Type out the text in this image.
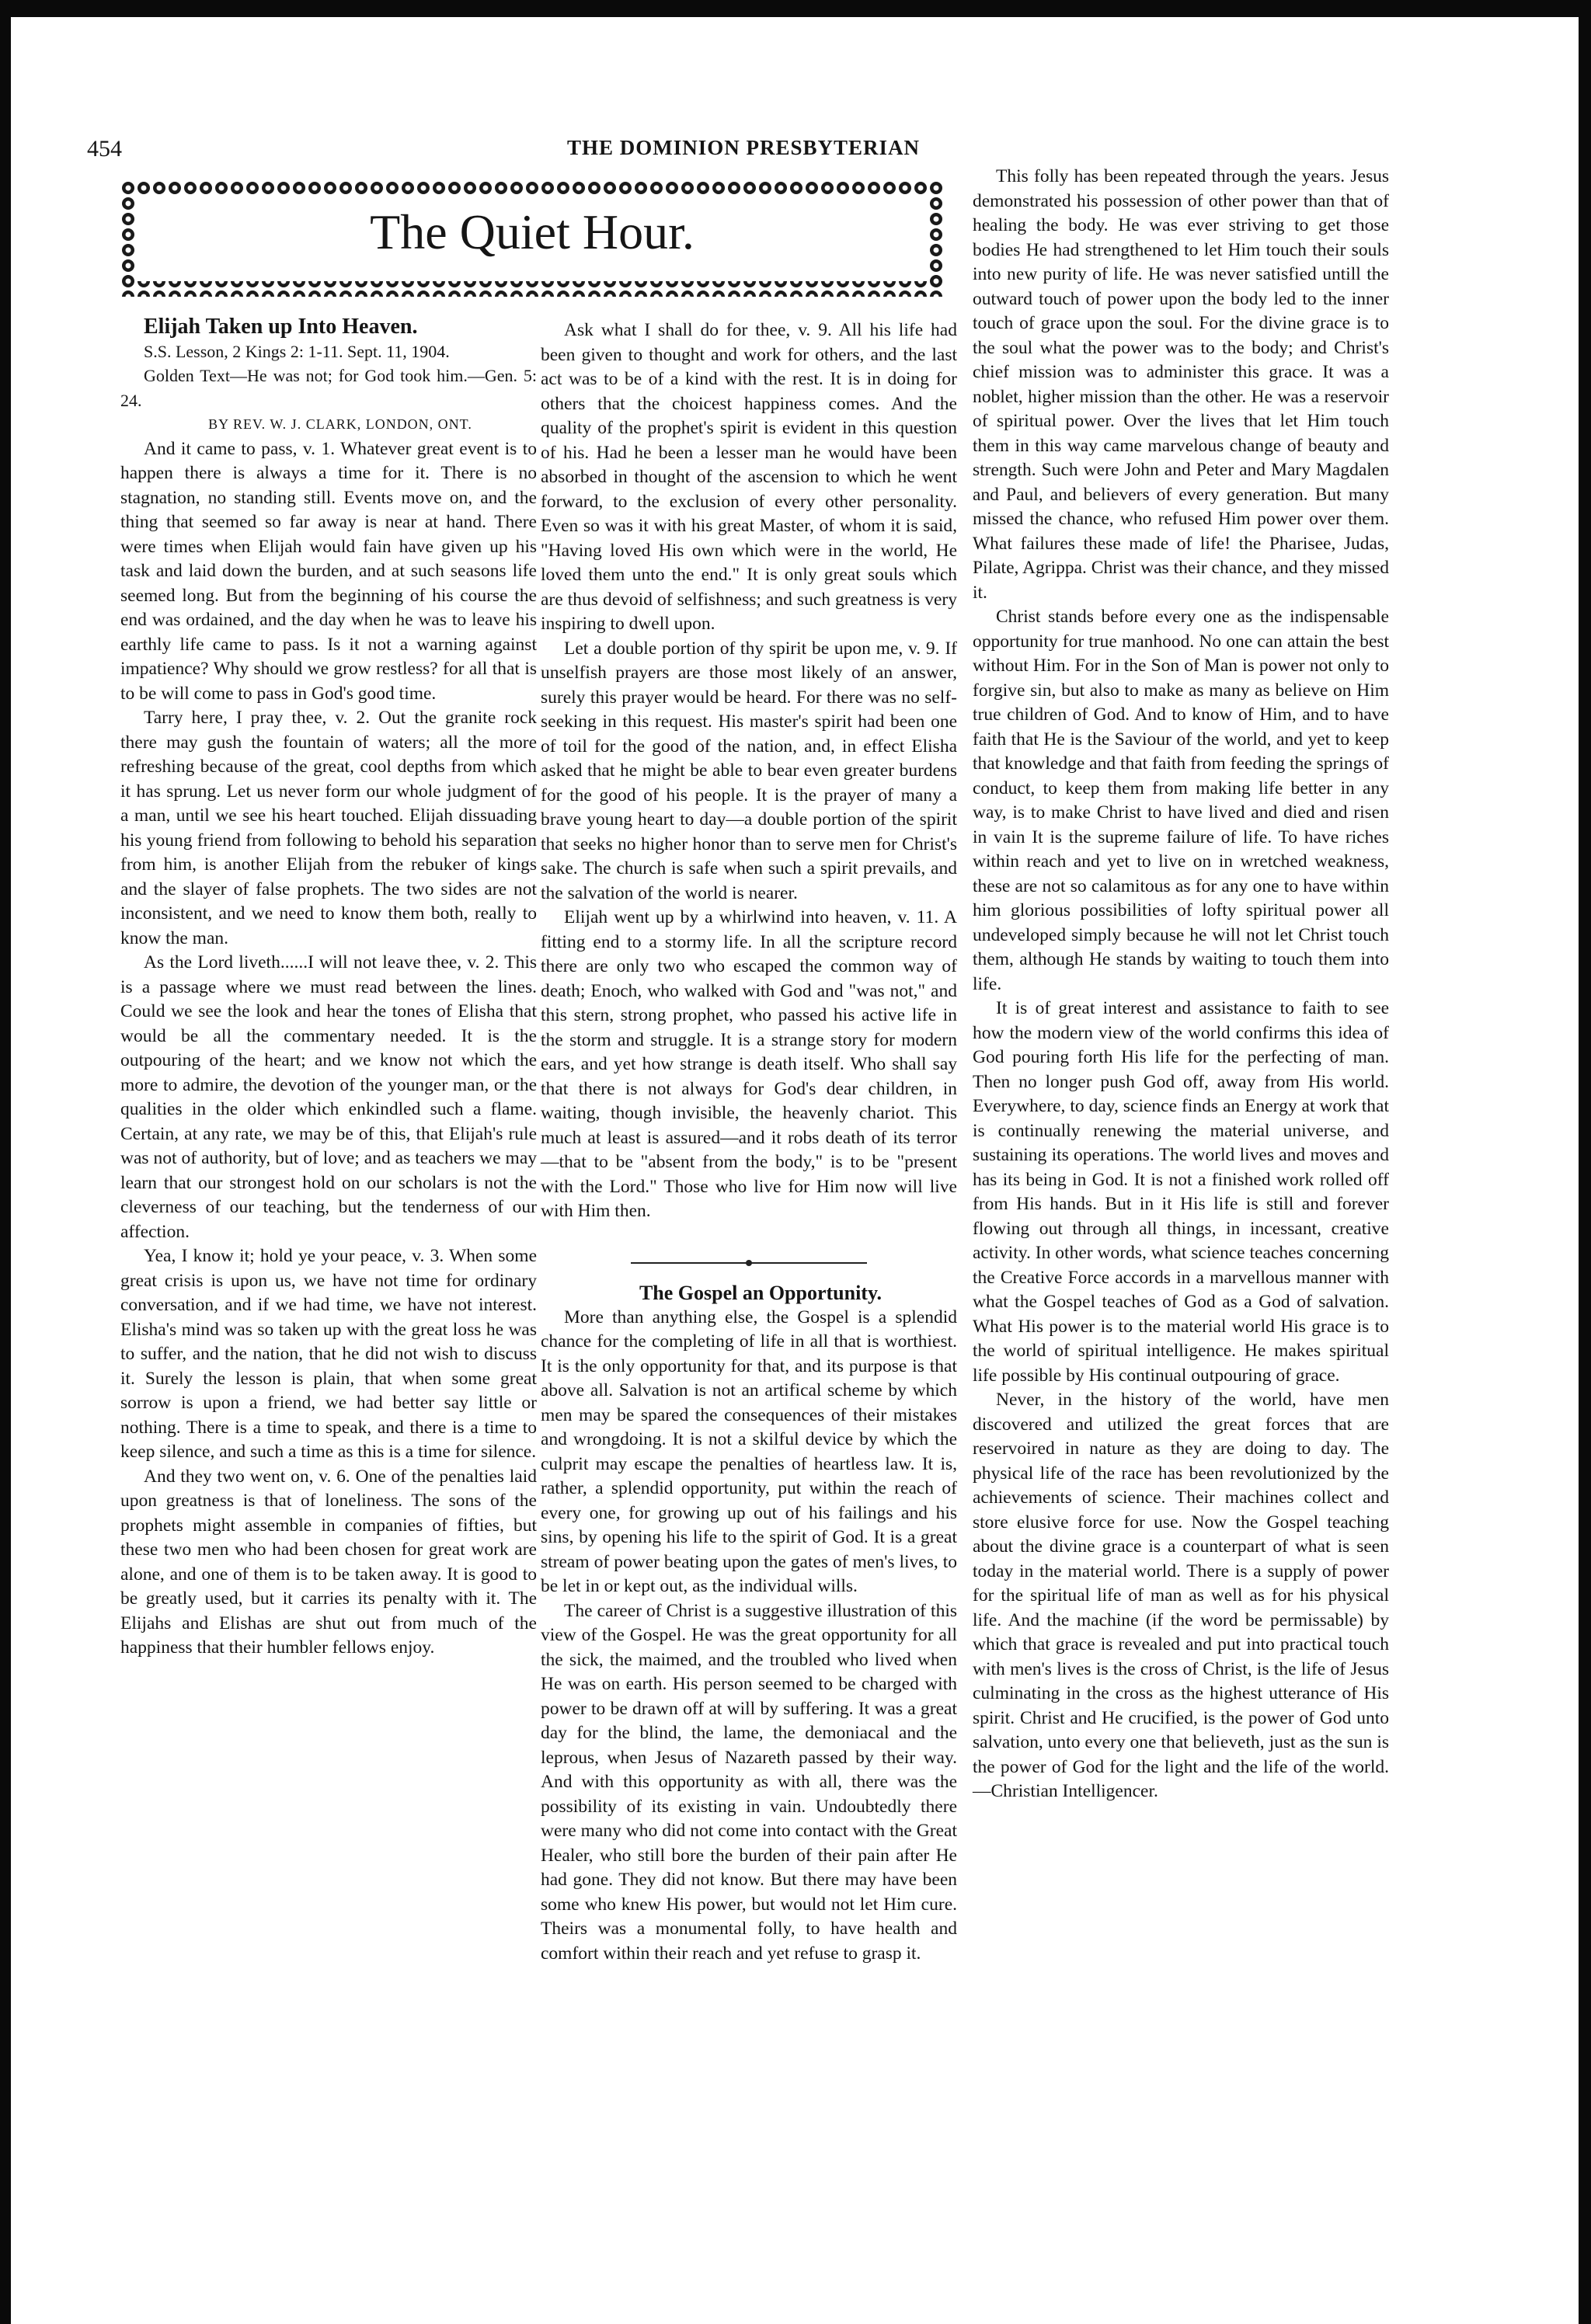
454	THE DOMINION PRESBYTERIAN
The Quiet Hour.

Elijah Taken up Into Heaven.

S.S. Lesson, 2 Kings 2: 1-11. Sept. 11, 1904.

Golden Text—He was not; for God took him.—Gen. 5: 24.

BY REV. W. J. CLARK, LONDON, ONT.

And it came to pass, v. 1. Whatever great event is to happen there is always a time for it. There is no stagnation, no standing still. Events move on, and the thing that seemed so far away is near at hand. There were times when Elijah would fain have given up his task and laid down the burden, and at such seasons life seemed long. But from the beginning of his course the end was ordained, and the day when he was to leave his earthly life came to pass. Is it not a warning against impatience? Why should we grow restless? for all that is to be will come to pass in God's good time.

Tarry here, I pray thee, v. 2. Out the granite rock there may gush the fountain of waters; all the more refreshing because of the great, cool depths from which it has sprung. Let us never form our whole judgment of a man, until we see his heart touched. Elijah dissuading his young friend from following to behold his separation from him, is another Elijah from the rebuker of kings and the slayer of false prophets. The two sides are not inconsistent, and we need to know them both, really to know the man.

As the Lord liveth......I will not leave thee, v. 2. This is a passage where we must read between the lines. Could we see the look and hear the tones of Elisha that would be all the commentary needed. It is the outpouring of the heart; and we know not which the more to admire, the devotion of the younger man, or the qualities in the older which enkindled such a flame. Certain, at any rate, we may be of this, that Elijah's rule was not of authority, but of love; and as teachers we may learn that our strongest hold on our scholars is not the cleverness of our teaching, but the tenderness of our affection.

Yea, I know it; hold ye your peace, v. 3. When some great crisis is upon us, we have not time for ordinary conversation, and if we had time, we have not interest. Elisha's mind was so taken up with the great loss he was to suffer, and the nation, that he did not wish to discuss it. Surely the lesson is plain, that when some great sorrow is upon a friend, we had better say little or nothing. There is a time to speak, and there is a time to keep silence, and such a time as this is a time for silence.

And they two went on, v. 6. One of the penalties laid upon greatness is that of loneliness. The sons of the prophets might assemble in companies of fifties, but these two men who had been chosen for great work are alone, and one of them is to be taken away. It is good to be greatly used, but it carries its penalty with it. The Elijahs and Elishas are shut out from much of the happiness that their humbler fellows enjoy.

Ask what I shall do for thee, v. 9. All his life had been given to thought and work for others, and the last act was to be of a kind with the rest. It is in doing for others that the choicest happiness comes. And the quality of the prophet's spirit is evident in this question of his. Had he been a lesser man he would have been absorbed in thought of the ascension to which he went forward, to the exclusion of every other personality. Even so was it with his great Master, of whom it is said, "Having loved His own which were in the world, He loved them unto the end." It is only great souls which are thus devoid of selfishness; and such greatness is very inspiring to dwell upon.

Let a double portion of thy spirit be upon me, v. 9. If unselfish prayers are those most likely of an answer, surely this prayer would be heard. For there was no self-seeking in this request. His master's spirit had been one of toil for the good of the nation, and, in effect Elisha asked that he might be able to bear even greater burdens for the good of his people. It is the prayer of many a brave young heart to day—a double portion of the spirit that seeks no higher honor than to serve men for Christ's sake. The church is safe when such a spirit prevails, and the salvation of the world is nearer.

Elijah went up by a whirlwind into heaven, v. 11. A fitting end to a stormy life. In all the scripture record there are only two who escaped the common way of death; Enoch, who walked with God and "was not," and this stern, strong prophet, who passed his active life in the storm and struggle. It is a strange story for modern ears, and yet how strange is death itself. Who shall say that there is not always for God's dear children, in waiting, though invisible, the heavenly chariot. This much at least is assured—and it robs death of its terror—that to be "absent from the body," is to be "present with the Lord." Those who live for Him now will live with Him then.

The Gospel an Opportunity.

More than anything else, the Gospel is a splendid chance for the completing of life in all that is worthiest. It is the only opportunity for that, and its purpose is that above all. Salvation is not an artifical scheme by which men may be spared the consequences of their mistakes and wrongdoing. It is not a skilful device by which the culprit may escape the penalties of heartless law. It is, rather, a splendid opportunity, put within the reach of every one, for growing up out of his failings and his sins, by opening his life to the spirit of God. It is a great stream of power beating upon the gates of men's lives, to be let in or kept out, as the individual wills.

The career of Christ is a suggestive illustration of this view of the Gospel. He was the great opportunity for all the sick, the maimed, and the troubled who lived when He was on earth. His person seemed to be charged with power to be drawn off at will by suffering. It was a great day for the blind, the lame, the demoniacal and the leprous, when Jesus of Nazareth passed by their way. And with this opportunity as with all, there was the possibility of its existing in vain. Undoubtedly there were many who did not come into contact with the Great Healer, who still bore the burden of their pain after He had gone. They did not know. But there may have been some who knew His power, but would not let Him cure. Theirs was a monumental folly, to have health and comfort within their reach and yet refuse to grasp it.

This folly has been repeated through the years. Jesus demonstrated his possession of other power than that of healing the body. He was ever striving to get those bodies He had strengthened to let Him touch their souls into new purity of life. He was never satisfied untill the outward touch of power upon the body led to the inner touch of grace upon the soul. For the divine grace is to the soul what the power was to the body; and Christ's chief mission was to administer this grace. It was a noblet, higher mission than the other. He was a reservoir of spiritual power. Over the lives that let Him touch them in this way came marvelous change of beauty and strength. Such were John and Peter and Mary Magdalen and Paul, and believers of every generation. But many missed the chance, who refused Him power over them. What failures these made of life! the Pharisee, Judas, Pilate, Agrippa. Christ was their chance, and they missed it.

Christ stands before every one as the indispensable opportunity for true manhood. No one can attain the best without Him. For in the Son of Man is power not only to forgive sin, but also to make as many as believe on Him true children of God. And to know of Him, and to have faith that He is the Saviour of the world, and yet to keep that knowledge and that faith from feeding the springs of conduct, to keep them from making life better in any way, is to make Christ to have lived and died and risen in vain It is the supreme failure of life. To have riches within reach and yet to live on in wretched weakness, these are not so calamitous as for any one to have within him glorious possibilities of lofty spiritual power all undeveloped simply because he will not let Christ touch them, although He stands by waiting to touch them into life.

It is of great interest and assistance to faith to see how the modern view of the world confirms this idea of God pouring forth His life for the perfecting of man. Then no longer push God off, away from His world. Everywhere, to day, science finds an Energy at work that is continually renewing the material universe, and sustaining its operations. The world lives and moves and has its being in God. It is not a finished work rolled off from His hands. But in it His life is still and forever flowing out through all things, in incessant, creative activity. In other words, what science teaches concerning the Creative Force accords in a marvellous manner with what the Gospel teaches of God as a God of salvation. What His power is to the material world His grace is to the world of spiritual intelligence. He makes spiritual life possible by His continual outpouring of grace.

Never, in the history of the world, have men discovered and utilized the great forces that are reservoired in nature as they are doing to day. The physical life of the race has been revolutionized by the achievements of science. Their machines collect and store elusive force for use. Now the Gospel teaching about the divine grace is a counterpart of what is seen today in the material world. There is a supply of power for the spiritual life of man as well as for his physical life. And the machine (if the word be permissable) by which that grace is revealed and put into practical touch with men's lives is the cross of Christ, is the life of Jesus culminating in the cross as the highest utterance of His spirit. Christ and He crucified, is the power of God unto salvation, unto every one that believeth, just as the sun is the power of God for the light and the life of the world.—Christian Intelligencer.
